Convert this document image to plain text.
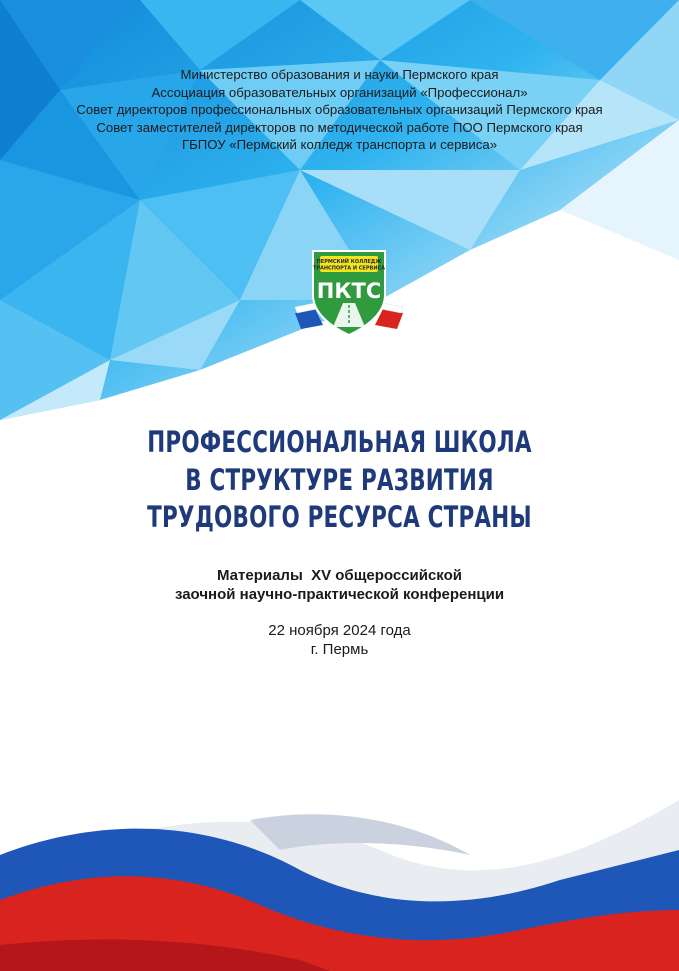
Министерство образования и науки Пермского края
Ассоциация образовательных организаций «Профессионал»
Совет директоров профессиональных образовательных организаций Пермского края
Совет заместителей директоров по методической работе ПОО Пермского края
ГБПОУ «Пермский колледж транспорта и сервиса»
ПЕРМСКИЙ КОЛЛЕДЖ
ТРАНСПОРТА И СЕРВИСА
ПКТС
ПРОФЕССИОНАЛЬНАЯ ШКОЛА
В СТРУКТУРЕ РАЗВИТИЯ
ТРУДОВОГО РЕСУРСА СТРАНЫ
Материалы  XV общероссийской
заочной научно-практической конференции
22 ноября 2024 года
г. Пермь
